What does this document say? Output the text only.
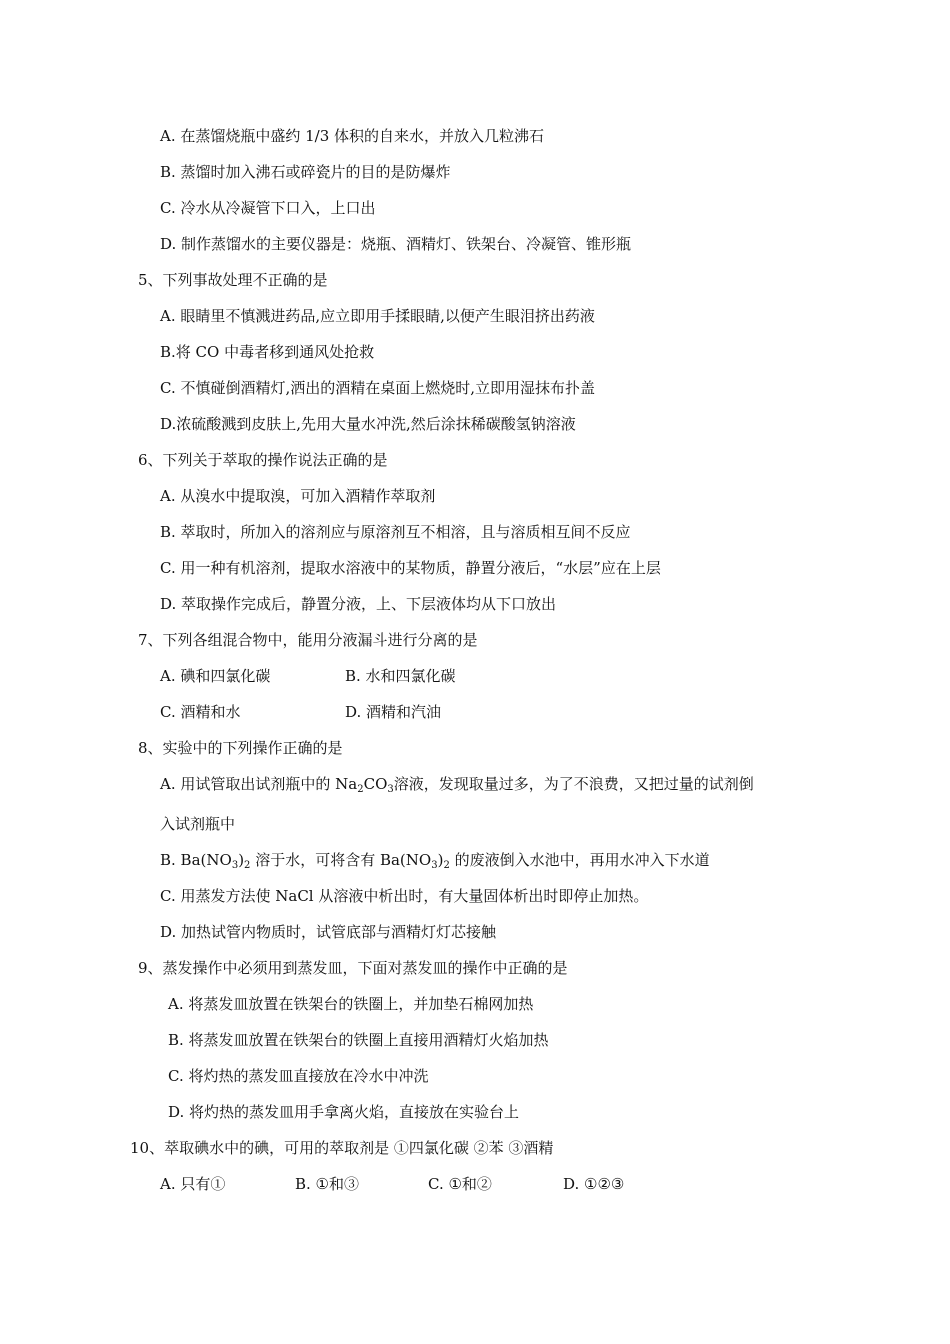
A. 在蒸馏烧瓶中盛约 1/3 体积的自来水，并放入几粒沸石
B. 蒸馏时加入沸石或碎瓷片的目的是防爆炸
C. 冷水从冷凝管下口入，上口出
D. 制作蒸馏水的主要仪器是：烧瓶、酒精灯、铁架台、冷凝管、锥形瓶
5、下列事故处理不正确的是
A. 眼睛里不慎溅进药品,应立即用手揉眼睛,以便产生眼泪挤出药液
B.将 CO 中毒者移到通风处抢救
C. 不慎碰倒酒精灯,洒出的酒精在桌面上燃烧时,立即用湿抹布扑盖
D.浓硫酸溅到皮肤上,先用大量水冲洗,然后涂抹稀碳酸氢钠溶液
6、下列关于萃取的操作说法正确的是
A. 从溴水中提取溴，可加入酒精作萃取剂
B. 萃取时，所加入的溶剂应与原溶剂互不相溶，且与溶质相互间不反应
C. 用一种有机溶剂，提取水溶液中的某物质，静置分液后，“水层”应在上层
D. 萃取操作完成后，静置分液，上、下层液体均从下口放出
7、下列各组混合物中，能用分液漏斗进行分离的是
A. 碘和四氯化碳	B. 水和四氯化碳
C. 酒精和水	D. 酒精和汽油
8、实验中的下列操作正确的是
A. 用试管取出试剂瓶中的 $Na_2CO_3$溶液，发现取量过多，为了不浪费，又把过量的试剂倒
入试剂瓶中
B. $Ba(NO_3)_2$ 溶于水，可将含有 $Ba(NO_3)_2$ 的废液倒入水池中，再用水冲入下水道
C. 用蒸发方法使 NaCl 从溶液中析出时，有大量固体析出时即停止加热。
D. 加热试管内物质时，试管底部与酒精灯灯芯接触
9、蒸发操作中必须用到蒸发皿，下面对蒸发皿的操作中正确的是
A. 将蒸发皿放置在铁架台的铁圈上，并加垫石棉网加热
B. 将蒸发皿放置在铁架台的铁圈上直接用酒精灯火焰加热
C. 将灼热的蒸发皿直接放在冷水中冲洗
D. 将灼热的蒸发皿用手拿离火焰，直接放在实验台上
10、萃取碘水中的碘，可用的萃取剂是 ①四氯化碳 ②苯 ③酒精
A. 只有①	B. ①和③	C. ①和②	D. ①②③
